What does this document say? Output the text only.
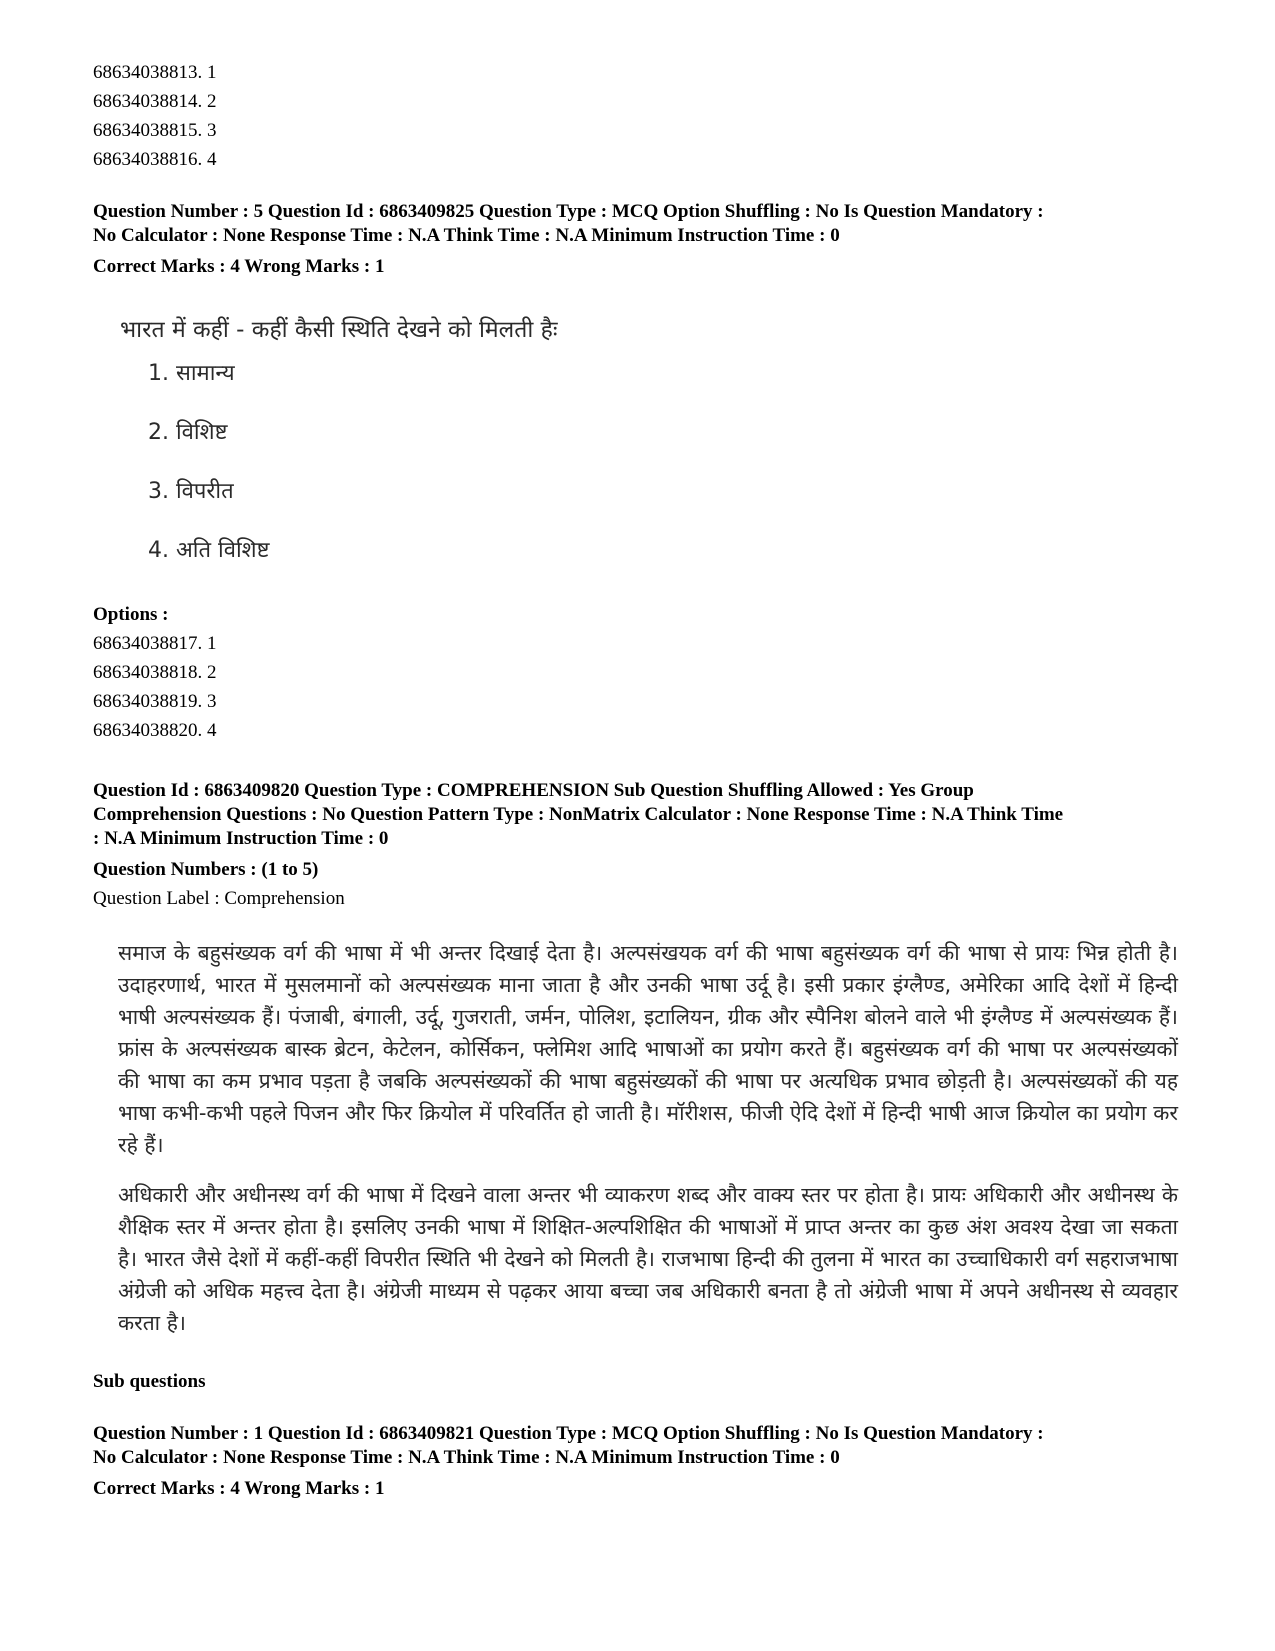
68634038813. 1
68634038814. 2
68634038815. 3
68634038816. 4
Question Number : 5 Question Id : 6863409825 Question Type : MCQ Option Shuffling : No Is Question Mandatory :
No Calculator : None Response Time : N.A Think Time : N.A Minimum Instruction Time : 0
Correct Marks : 4 Wrong Marks : 1
भारत में कहीं - कहीं कैसी स्थिति देखने को मिलती हैः
1. सामान्य
2. विशिष्ट
3. विपरीत
4. अति विशिष्ट
Options :
68634038817. 1
68634038818. 2
68634038819. 3
68634038820. 4
Question Id : 6863409820 Question Type : COMPREHENSION Sub Question Shuffling Allowed : Yes Group
Comprehension Questions : No Question Pattern Type : NonMatrix Calculator : None Response Time : N.A Think Time
: N.A Minimum Instruction Time : 0
Question Numbers : (1 to 5)
Question Label : Comprehension
समाज के बहुसंख्यक वर्ग की भाषा में भी अन्तर दिखाई देता है। अल्पसंखयक वर्ग की भाषा बहुसंख्यक वर्ग की भाषा से प्रायः भिन्न होती है। उदाहरणार्थ, भारत में मुसलमानों को अल्पसंख्यक माना जाता है और उनकी भाषा उर्दू है। इसी प्रकार इंग्लैण्ड, अमेरिका आदि देशों में हिन्दी भाषी अल्पसंख्यक हैं। पंजाबी, बंगाली, उर्दू, गुजराती, जर्मन, पोलिश, इटालियन, ग्रीक और स्पैनिश बोलने वाले भी इंग्लैण्ड में अल्पसंख्यक हैं। फ्रांस के अल्पसंख्यक बास्क ब्रेटन, केटेलन, कोर्सिकन, फ्लेमिश आदि भाषाओं का प्रयोग करते हैं। बहुसंख्यक वर्ग की भाषा पर अल्पसंख्यकों की भाषा का कम प्रभाव पड़ता है जबकि अल्पसंख्यकों की भाषा बहुसंख्यकों की भाषा पर अत्यधिक प्रभाव छोड़ती है। अल्पसंख्यकों की यह भाषा कभी-कभी पहले पिजन और फिर क्रियोल में परिवर्तित हो जाती है। मॉरीशस, फीजी ऐदि देशों में हिन्दी भाषी आज क्रियोल का प्रयोग कर रहे हैं।
अधिकारी और अधीनस्थ वर्ग की भाषा में दिखने वाला अन्तर भी व्याकरण शब्द और वाक्य स्तर पर होता है। प्रायः अधिकारी और अधीनस्थ के शैक्षिक स्तर में अन्तर होता है। इसलिए उनकी भाषा में शिक्षित-अल्पशिक्षित की भाषाओं में प्राप्त अन्तर का कुछ अंश अवश्य देखा जा सकता है। भारत जैसे देशों में कहीं-कहीं विपरीत स्थिति भी देखने को मिलती है। राजभाषा हिन्दी की तुलना में भारत का उच्चाधिकारी वर्ग सहराजभाषा अंग्रेजी को अधिक महत्त्व देता है। अंग्रेजी माध्यम से पढ़कर आया बच्चा जब अधिकारी बनता है तो अंग्रेजी भाषा में अपने अधीनस्थ से व्यवहार करता है।
Sub questions
Question Number : 1 Question Id : 6863409821 Question Type : MCQ Option Shuffling : No Is Question Mandatory :
No Calculator : None Response Time : N.A Think Time : N.A Minimum Instruction Time : 0
Correct Marks : 4 Wrong Marks : 1
